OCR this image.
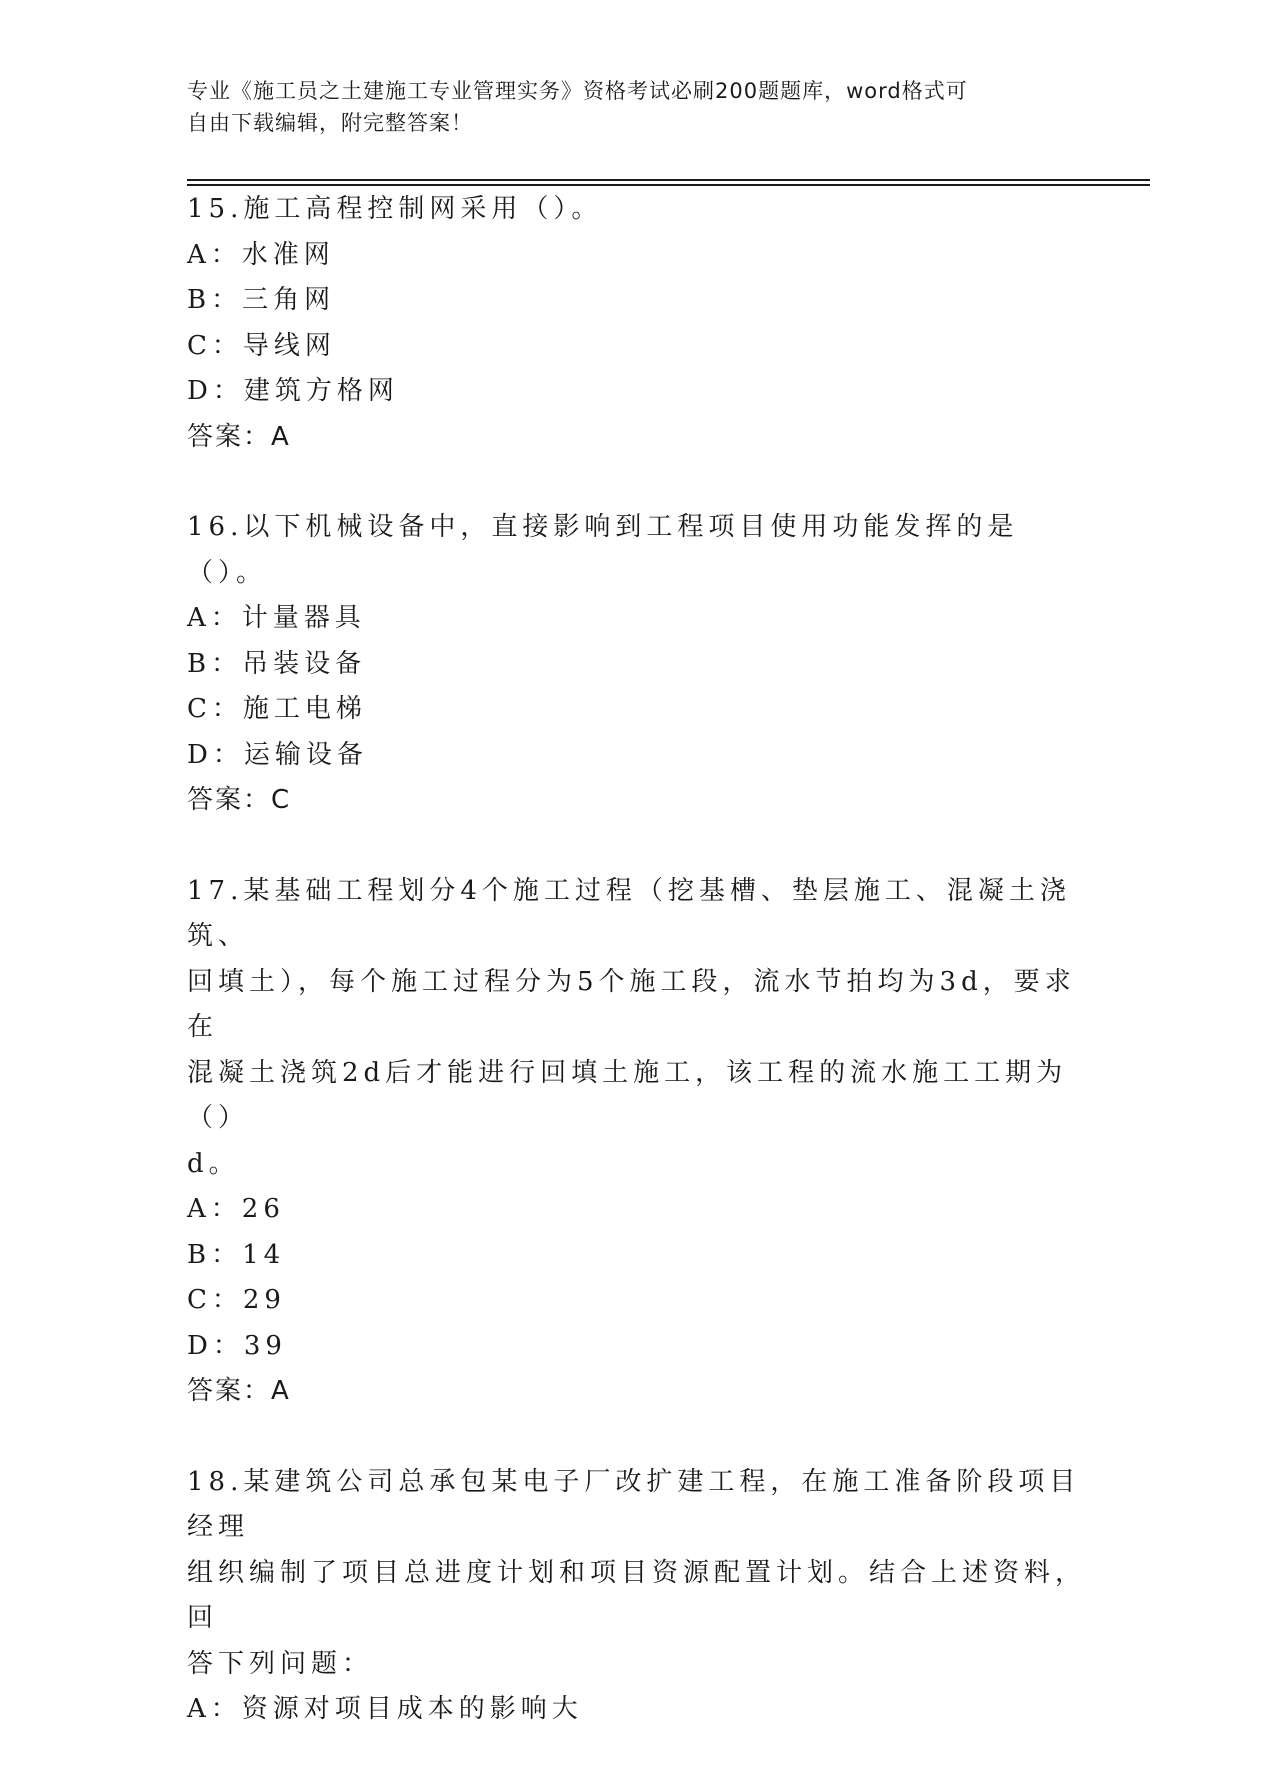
专业《施工员之土建施工专业管理实务》资格考试必刷200题题库，word格式可
自由下载编辑，附完整答案！
15.施工高程控制网采用（）。
A：水准网
B：三角网
C：导线网
D：建筑方格网
答案：A
16.以下机械设备中，直接影响到工程项目使用功能发挥的是（）。
A：计量器具
B：吊装设备
C：施工电梯
D：运输设备
答案：C
17.某基础工程划分4个施工过程（挖基槽、垫层施工、混凝土浇筑、
回填土），每个施工过程分为5个施工段，流水节拍均为3d，要求在
混凝土浇筑2d后才能进行回填土施工，该工程的流水施工工期为（）
d。
A：26
B：14
C：29
D：39
答案：A
18.某建筑公司总承包某电子厂改扩建工程，在施工准备阶段项目经理
组织编制了项目总进度计划和项目资源配置计划。结合上述资料，回
答下列问题：
A：资源对项目成本的影响大
